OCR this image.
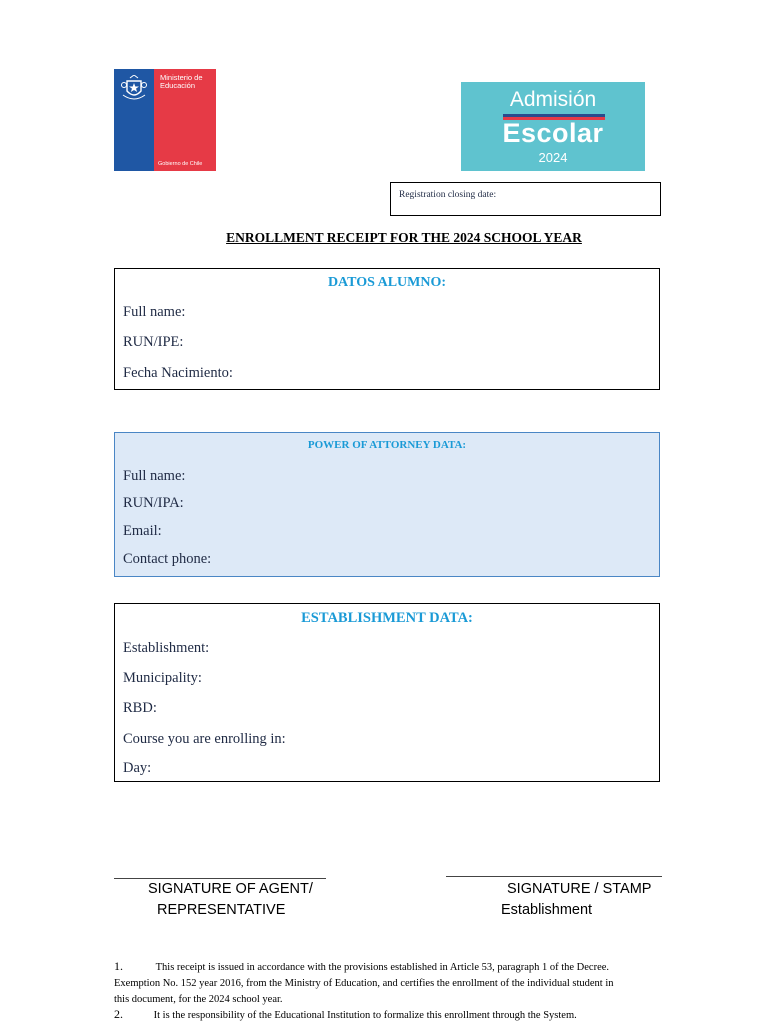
Ministerio de Educación
Gobierno de Chile
Admisión
Escolar
2024
Registration closing date:
ENROLLMENT RECEIPT FOR THE 2024 SCHOOL YEAR
DATOS ALUMNO:
Full name:
RUN/IPE:
Fecha Nacimiento:
POWER OF ATTORNEY DATA:
Full name:
RUN/IPA:
Email:
Contact phone:
ESTABLISHMENT DATA:
Establishment:
Municipality:
RBD:
Course you are enrolling in:
Day:
SIGNATURE OF AGENT/
REPRESENTATIVE
SIGNATURE / STAMP
Establishment
1.	This receipt is issued in accordance with the provisions established in Article 53, paragraph 1 of the Decree.
Exemption No. 152 year 2016, from the Ministry of Education, and certifies the enrollment of the individual student in
this document, for the 2024 school year.
2.	It is the responsibility of the Educational Institution to formalize this enrollment through the System.
